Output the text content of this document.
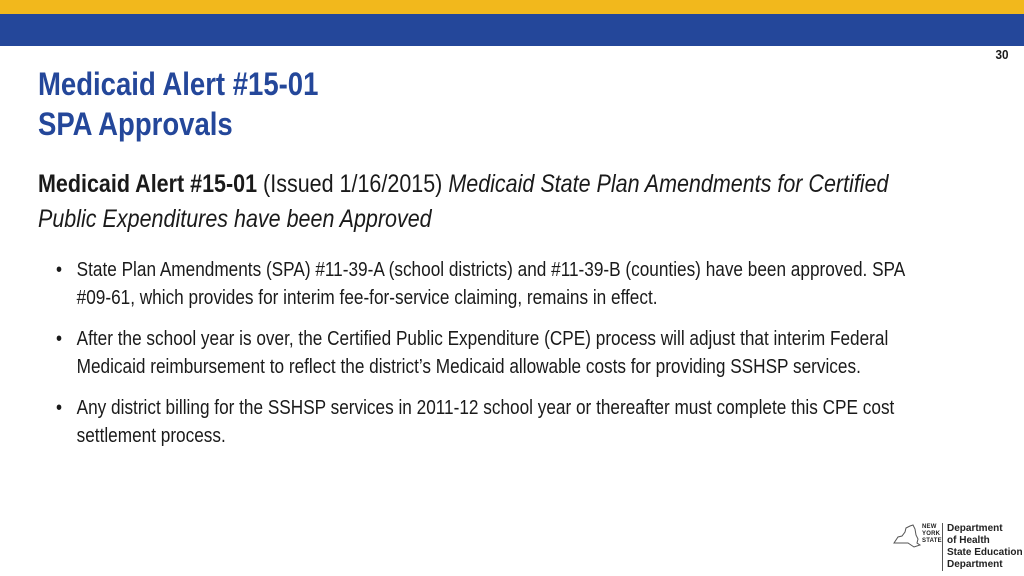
30
Medicaid Alert #15-01
SPA Approvals
Medicaid Alert #15-01 (Issued 1/16/2015) Medicaid State Plan Amendments for Certified Public Expenditures have been Approved
• State Plan Amendments (SPA) #11-39-A (school districts) and #11-39-B (counties) have been approved. SPA #09-61, which provides for interim fee-for-service claiming, remains in effect.
• After the school year is over, the Certified Public Expenditure (CPE) process will adjust that interim Federal Medicaid reimbursement to reflect the district’s Medicaid allowable costs for providing SSHSP services.
• Any district billing for the SSHSP services in 2011-12 school year or thereafter must complete this CPE cost settlement process.
NEW
YORK
STATE
Department
of Health
State Education
Department
